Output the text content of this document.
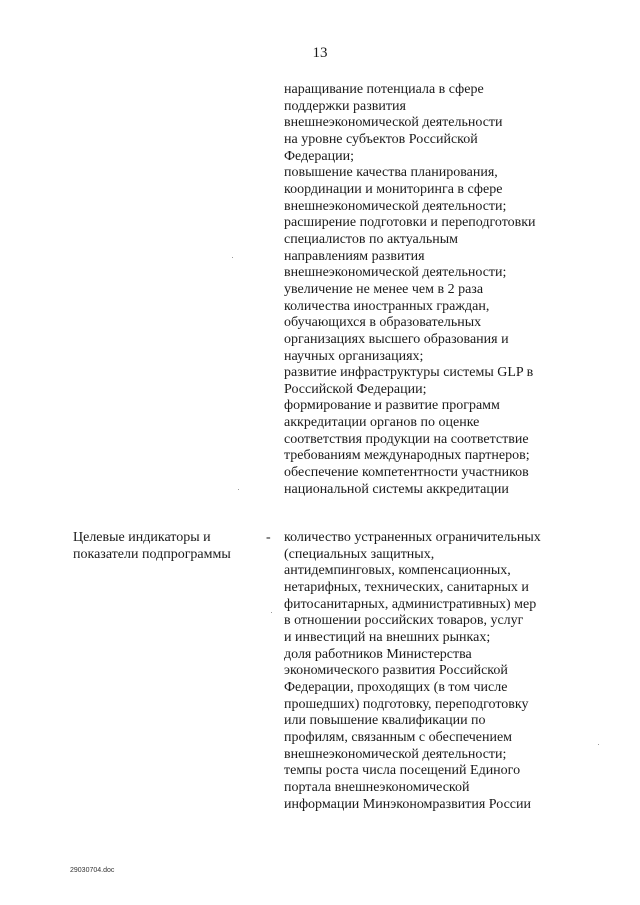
13
наращивание потенциала в сфере
поддержки развития
внешнеэкономической деятельности
на уровне субъектов Российской
Федерации;
повышение качества планирования,
координации и мониторинга в сфере
внешнеэкономической деятельности;
расширение подготовки и переподготовки
специалистов по актуальным
направлениям развития
внешнеэкономической деятельности;
увеличение не менее чем в 2 раза
количества иностранных граждан,
обучающихся в образовательных
организациях высшего образования и
научных организациях;
развитие инфраструктуры системы GLP в
Российской Федерации;
формирование и развитие программ
аккредитации органов по оценке
соответствия продукции на соответствие
требованиям международных партнеров;
обеспечение компетентности участников
национальной системы аккредитации
Целевые индикаторы и
показатели подпрограммы
- количество устраненных ограничительных
(специальных защитных,
антидемпинговых, компенсационных,
нетарифных, технических, санитарных и
фитосанитарных, административных) мер
в отношении российских товаров, услуг
и инвестиций на внешних рынках;
доля работников Министерства
экономического развития Российской
Федерации, проходящих (в том числе
прошедших) подготовку, переподготовку
или повышение квалификации по
профилям, связанным с обеспечением
внешнеэкономической деятельности;
темпы роста числа посещений Единого
портала внешнеэкономической
информации Минэкономразвития России
29030704.doc
